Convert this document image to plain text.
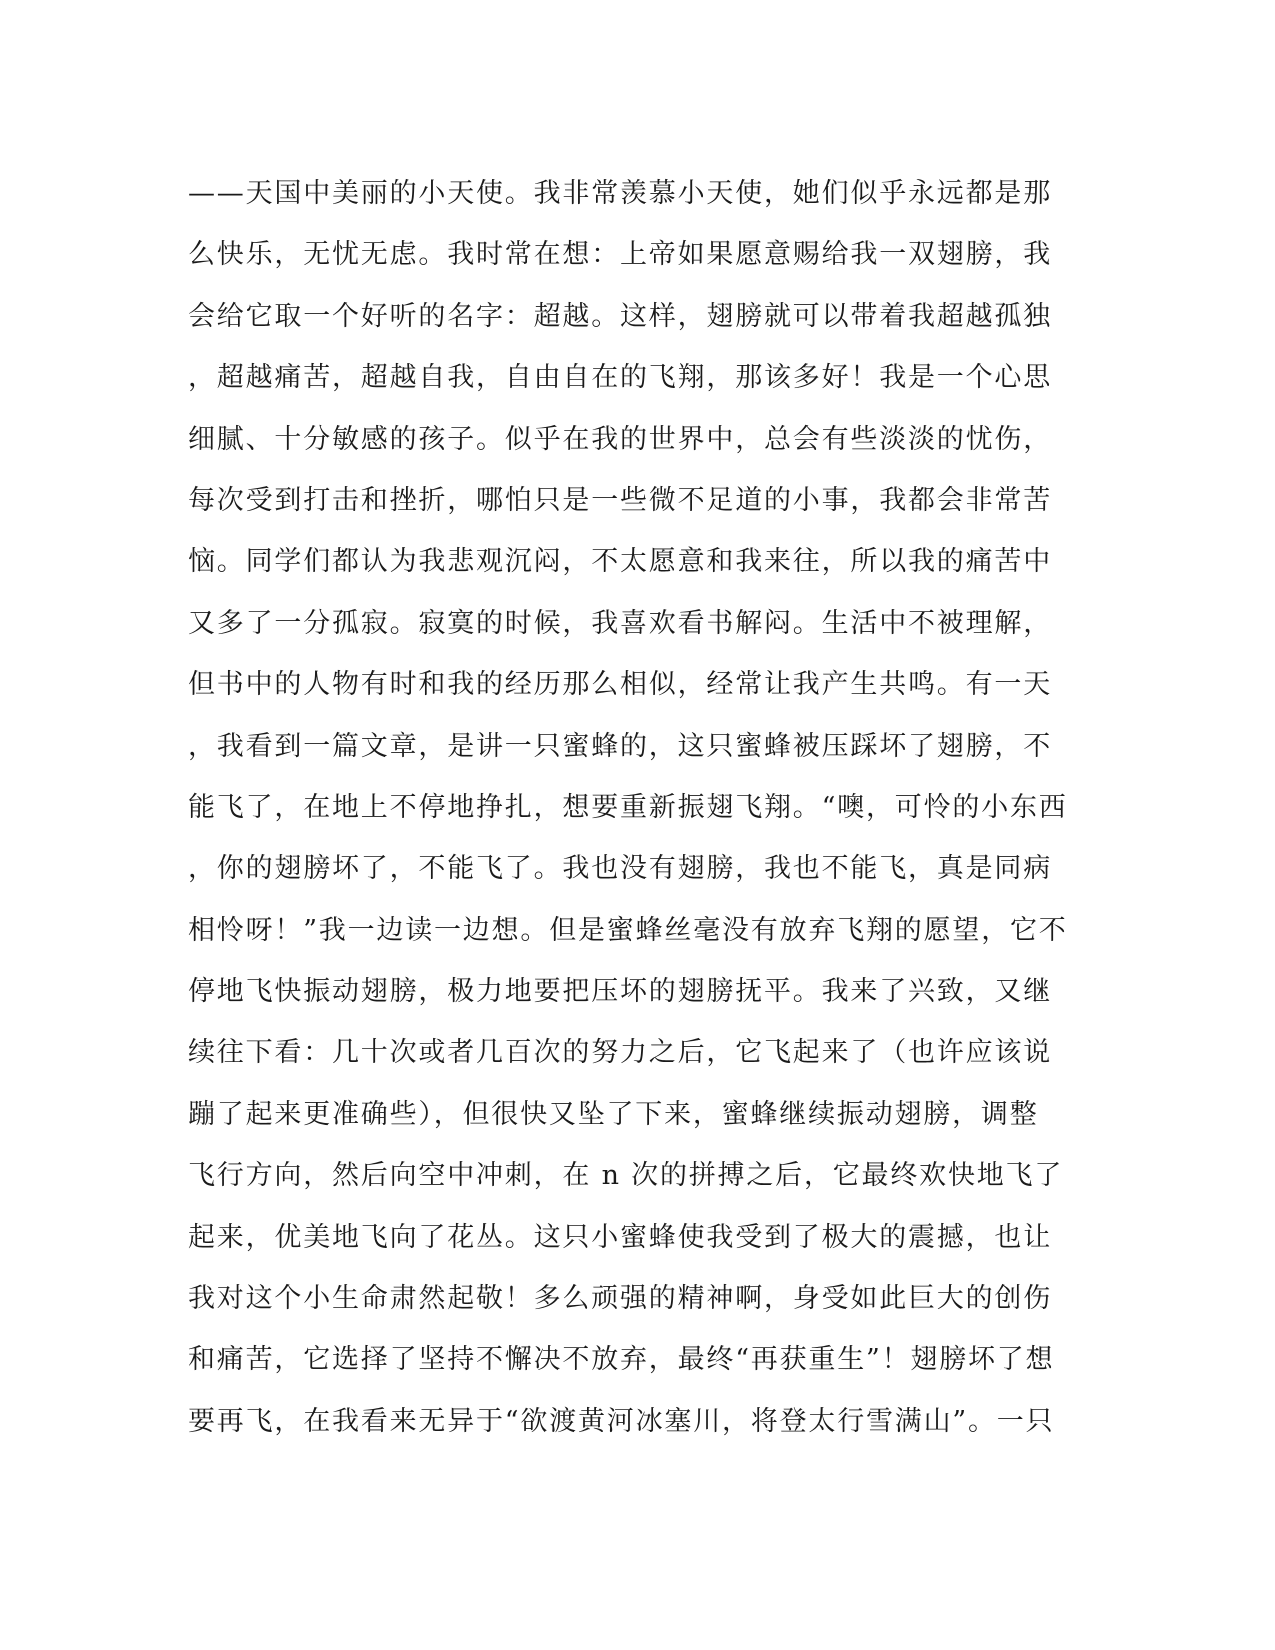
——天国中美丽的小天使。我非常羡慕小天使，她们似乎永远都是那
么快乐，无忧无虑。我时常在想：上帝如果愿意赐给我一双翅膀，我
会给它取一个好听的名字：超越。这样，翅膀就可以带着我超越孤独
，超越痛苦，超越自我，自由自在的飞翔，那该多好！我是一个心思
细腻、十分敏感的孩子。似乎在我的世界中，总会有些淡淡的忧伤，
每次受到打击和挫折，哪怕只是一些微不足道的小事，我都会非常苦
恼。同学们都认为我悲观沉闷，不太愿意和我来往，所以我的痛苦中
又多了一分孤寂。寂寞的时候，我喜欢看书解闷。生活中不被理解，
但书中的人物有时和我的经历那么相似，经常让我产生共鸣。有一天
，我看到一篇文章，是讲一只蜜蜂的，这只蜜蜂被压踩坏了翅膀，不
能飞了，在地上不停地挣扎，想要重新振翅飞翔。“噢，可怜的小东西
，你的翅膀坏了，不能飞了。我也没有翅膀，我也不能飞，真是同病
相怜呀！”我一边读一边想。但是蜜蜂丝毫没有放弃飞翔的愿望，它不
停地飞快振动翅膀，极力地要把压坏的翅膀抚平。我来了兴致，又继
续往下看：几十次或者几百次的努力之后，它飞起来了（也许应该说
蹦了起来更准确些），但很快又坠了下来，蜜蜂继续振动翅膀，调整
飞行方向，然后向空中冲刺，在 n 次的拼搏之后，它最终欢快地飞了
起来，优美地飞向了花丛。这只小蜜蜂使我受到了极大的震撼，也让
我对这个小生命肃然起敬！多么顽强的精神啊，身受如此巨大的创伤
和痛苦，它选择了坚持不懈决不放弃，最终“再获重生”！翅膀坏了想
要再飞，在我看来无异于“欲渡黄河冰塞川，将登太行雪满山”。一只
